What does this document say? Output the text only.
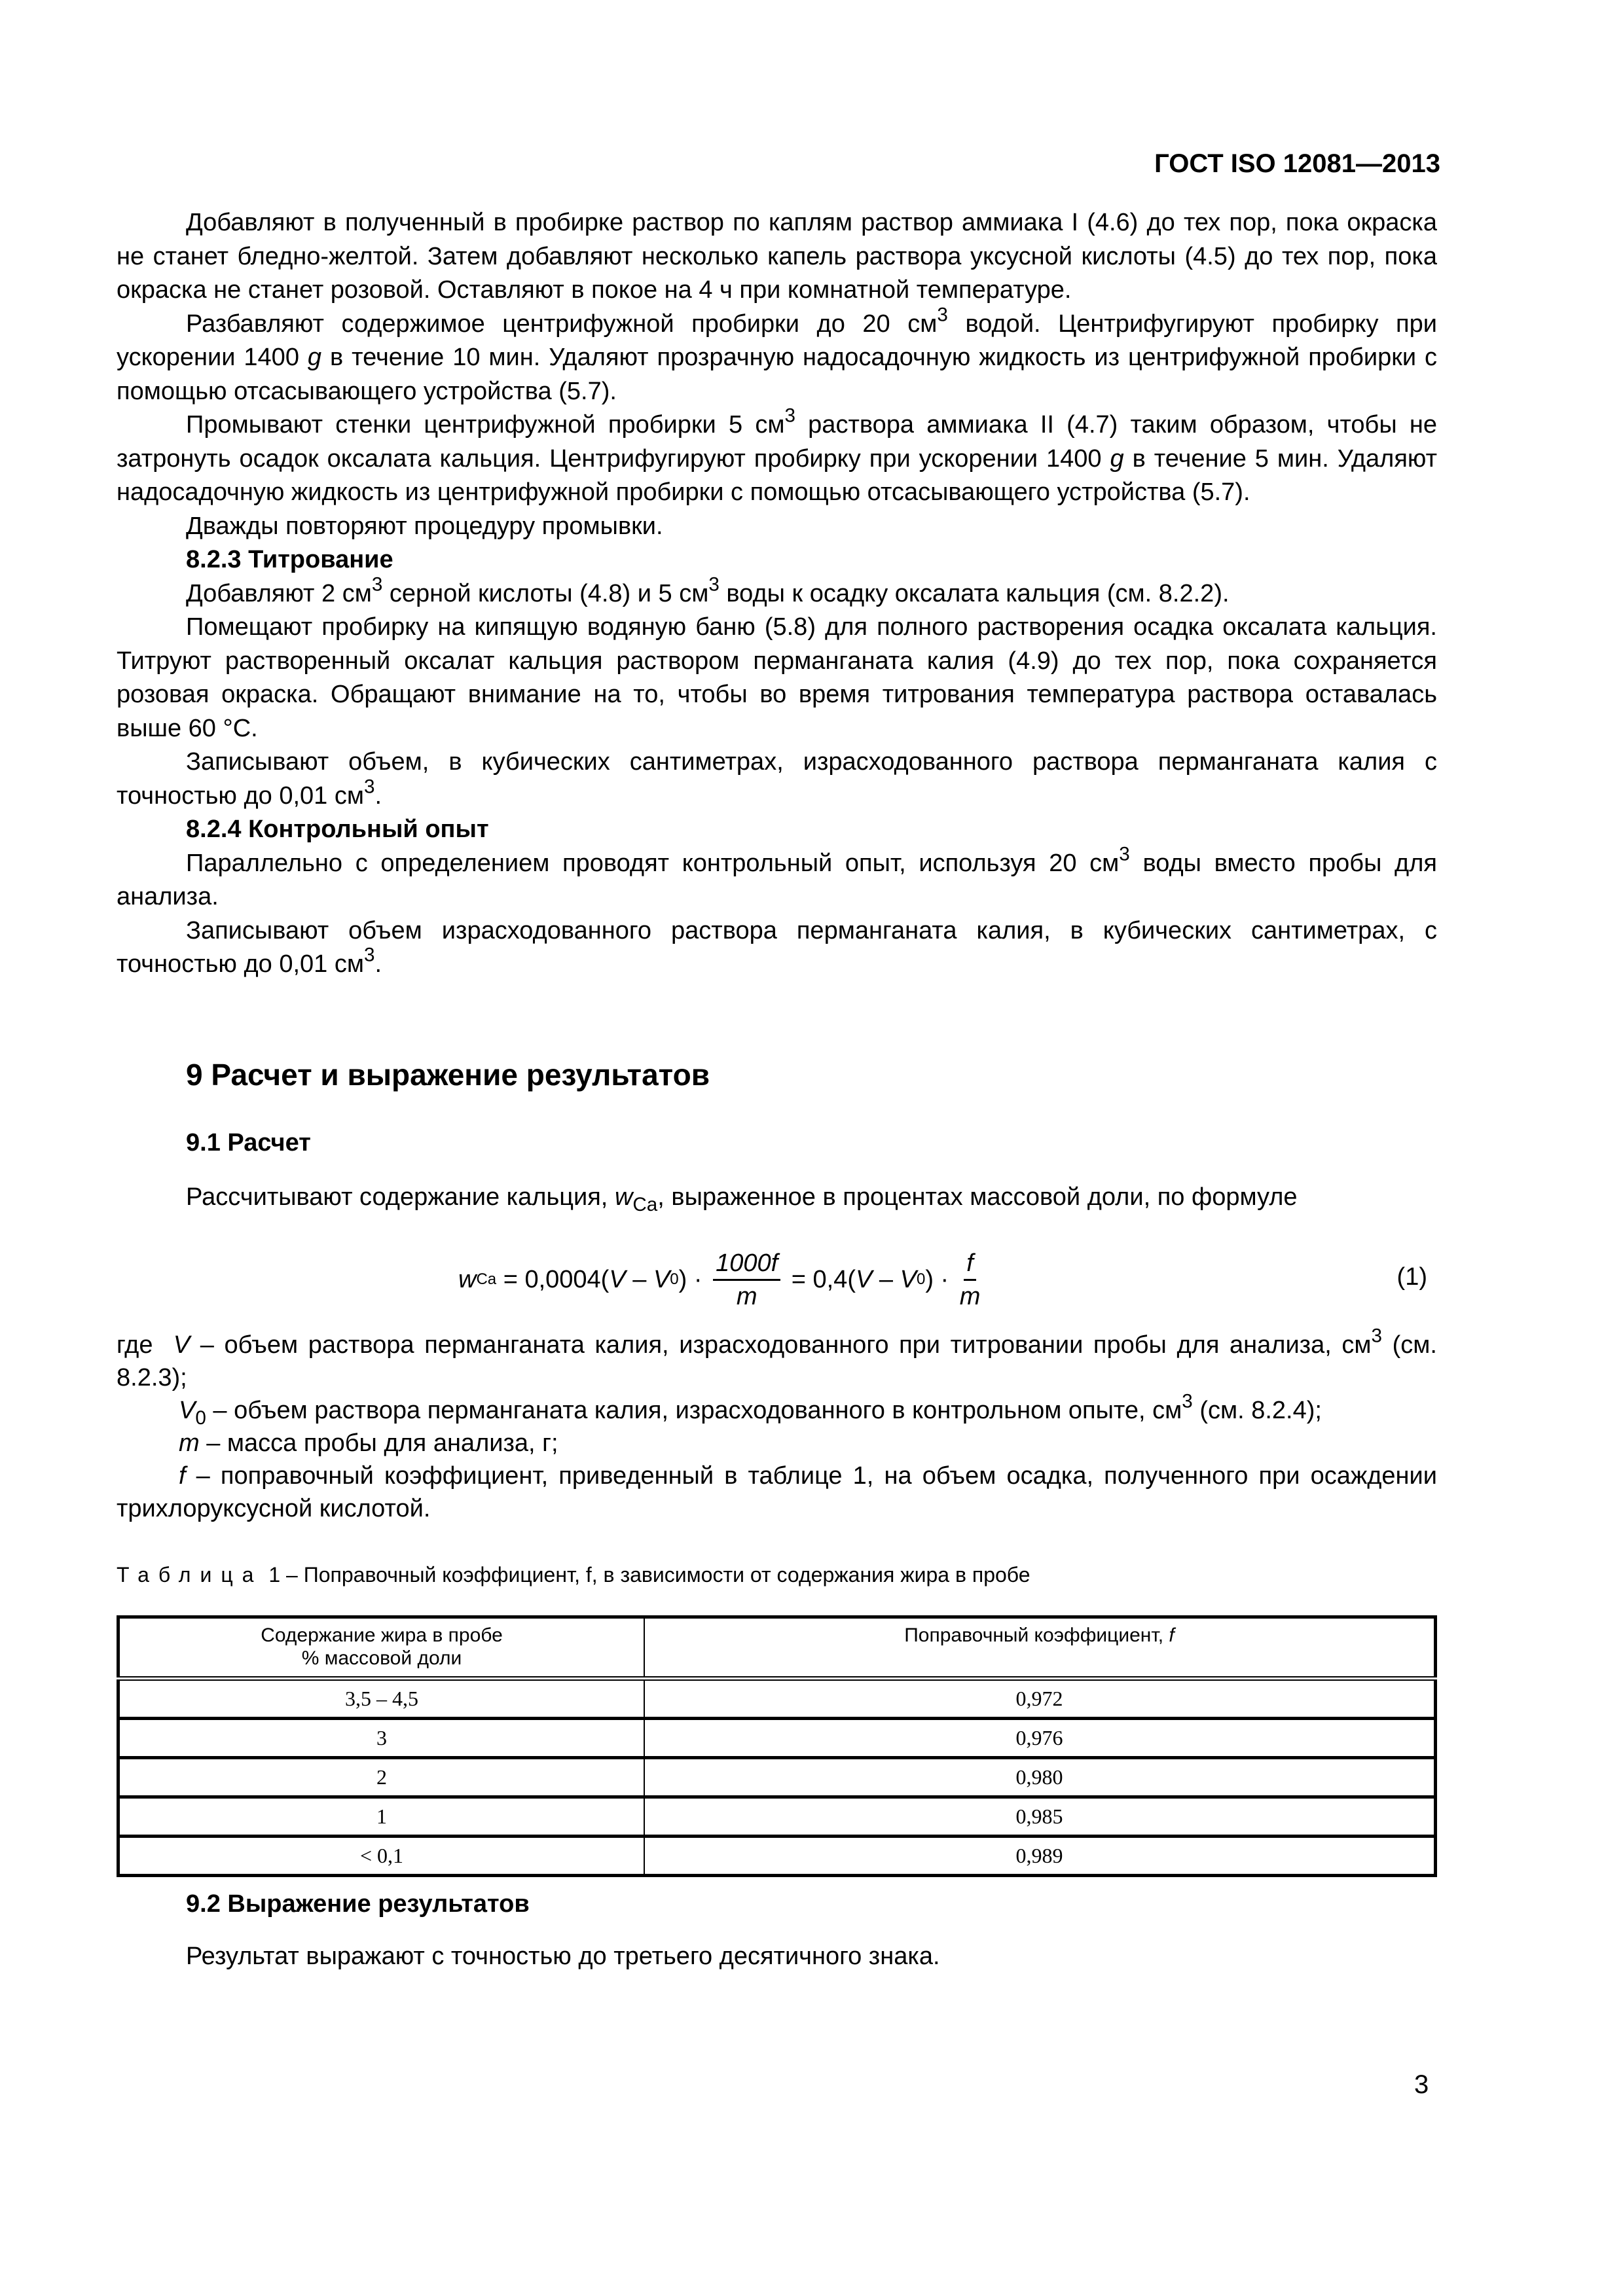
ГОСТ ISO 12081—2013

Добавляют в полученный в пробирке раствор по каплям раствор аммиака I (4.6) до тех пор, пока окраска не станет бледно-желтой. Затем добавляют несколько капель раствора уксусной кислоты (4.5) до тех пор, пока окраска не станет розовой. Оставляют в покое на 4 ч при комнатной температуре.

Разбавляют содержимое центрифужной пробирки до 20 $см^3$ водой. Центрифугируют пробирку при ускорении 1400 g в течение 10 мин. Удаляют прозрачную надосадочную жидкость из центрифужной пробирки с помощью отсасывающего устройства (5.7).

Промывают стенки центрифужной пробирки 5 $см^3$ раствора аммиака II (4.7) таким образом, чтобы не затронуть осадок оксалата кальция. Центрифугируют пробирку при ускорении 1400 g в течение 5 мин. Удаляют надосадочную жидкость из центрифужной пробирки с помощью отсасывающего устройства (5.7).

Дважды повторяют процедуру промывки.

8.2.3 Титрование

Добавляют 2 $см^3$ серной кислоты (4.8) и 5 $см^3$ воды к осадку оксалата кальция (см. 8.2.2).

Помещают пробирку на кипящую водяную баню (5.8) для полного растворения осадка оксалата кальция. Титруют растворенный оксалат кальция раствором перманганата калия (4.9) до тех пор, пока сохраняется розовая окраска. Обращают внимание на то, чтобы во время титрования температура раствора оставалась выше 60 °С.

Записывают объем, в кубических сантиметрах, израсходованного раствора перманганата калия с точностью до 0,01 $см^3$.

8.2.4 Контрольный опыт

Параллельно с определением проводят контрольный опыт, используя 20 $см^3$ воды вместо пробы для анализа.

Записывают объем израсходованного раствора перманганата калия, в кубических сантиметрах, с точностью до 0,01 $см^3$.

9 Расчет и выражение результатов
9.1 Расчет

Рассчитывают содержание кальция, $w_{Ca}$, выраженное в процентах массовой доли, по формуле

w Ca = 0,0004( V – V 0 ) · $\frac{1000f}{m} = 0,4$( V – V 0 ) · $\frac{f}{m}$	(1)

где  V – объем раствора перманганата калия, израсходованного при титровании пробы для анализа, $см^3$ (см. 8.2.3);

$V_0$ – объем раствора перманганата калия, израсходованного в контрольном опыте, $см^3$ (см. 8.2.4);

m – масса пробы для анализа, г;

f – поправочный коэффициент, приведенный в таблице 1, на объем осадка, полученного при осаждении трихлоруксусной кислотой.

Таблица 1 – Поправочный коэффициент, f, в зависимости от содержания жира в пробе
Содержание жира в пробе
% массовой доли	Поправочный коэффициент, f
3,5 – 4,5	0,972
3	0,976
2	0,980
1	0,985
< 0,1	0,989
9.2 Выражение результатов

Результат выражают с точностью до третьего десятичного знака.

3
